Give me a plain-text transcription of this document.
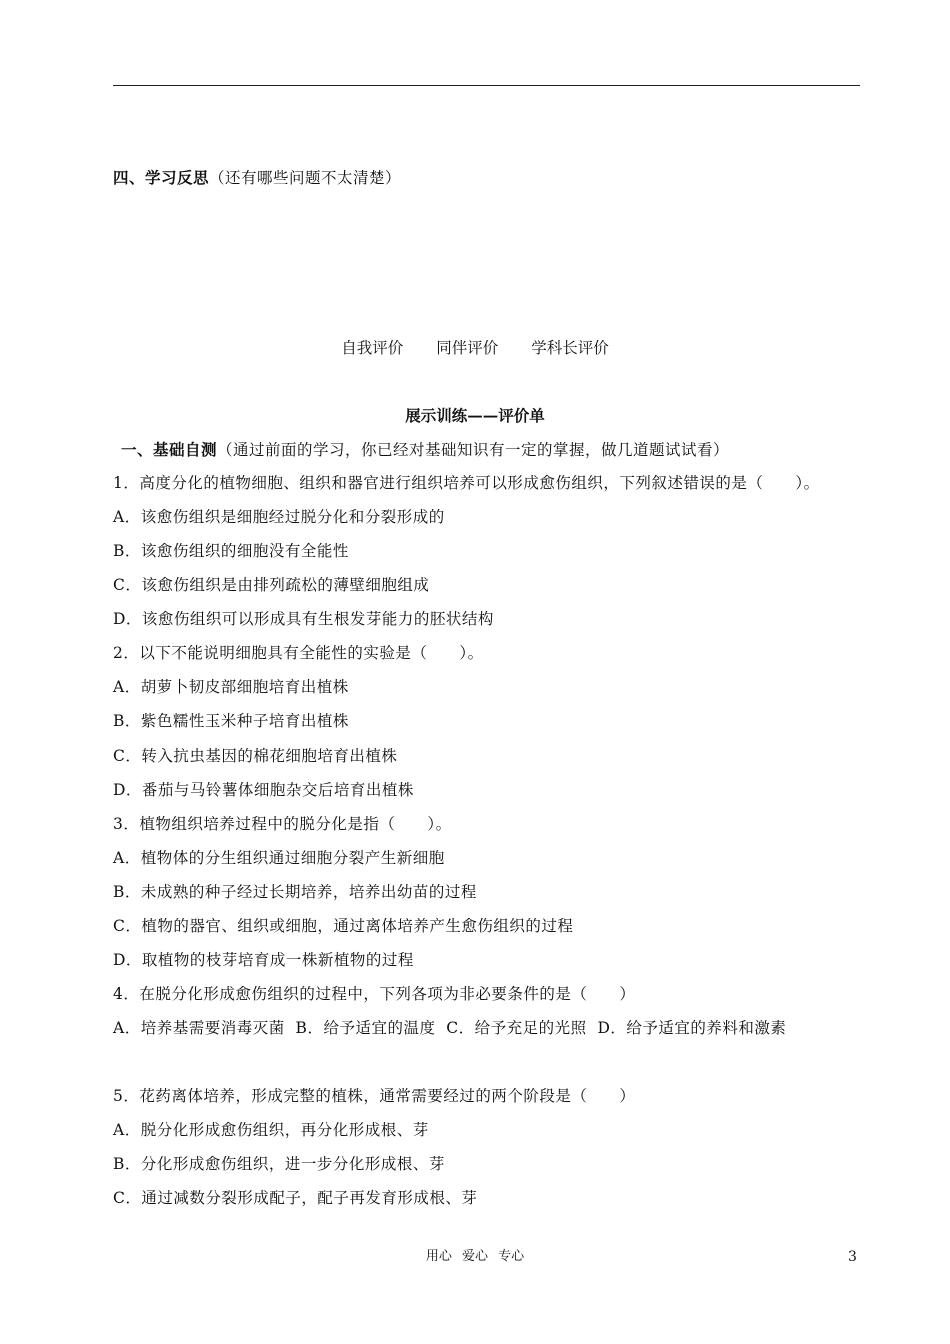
四、学习反思（还有哪些问题不太清楚）
自我评价 同伴评价 学科长评价
展示训练——评价单
一、基础自测（通过前面的学习，你已经对基础知识有一定的掌握，做几道题试试看）
1．高度分化的植物细胞、组织和器官进行组织培养可以形成愈伤组织，下列叙述错误的是（　　）。
A．该愈伤组织是细胞经过脱分化和分裂形成的
B．该愈伤组织的细胞没有全能性
C．该愈伤组织是由排列疏松的薄壁细胞组成
D．该愈伤组织可以形成具有生根发芽能力的胚状结构
2．以下不能说明细胞具有全能性的实验是（　　）。
A．胡萝卜韧皮部细胞培育出植株
B．紫色糯性玉米种子培育出植株
C．转入抗虫基因的棉花细胞培育出植株
D．番茄与马铃薯体细胞杂交后培育出植株
3．植物组织培养过程中的脱分化是指（　　）。
A．植物体的分生组织通过细胞分裂产生新细胞
B．未成熟的种子经过长期培养，培养出幼苗的过程
C．植物的器官、组织或细胞，通过离体培养产生愈伤组织的过程
D．取植物的枝芽培育成一株新植物的过程
4．在脱分化形成愈伤组织的过程中，下列各项为非必要条件的是（　　）
A．培养基需要消毒灭菌  B．给予适宜的温度  C．给予充足的光照  D．给予适宜的养料和激素
5．花药离体培养，形成完整的植株，通常需要经过的两个阶段是（　　）
A．脱分化形成愈伤组织，再分化形成根、芽
B．分化形成愈伤组织，进一步分化形成根、芽
C．通过减数分裂形成配子，配子再发育形成根、芽
用心 爱心 专心	3
